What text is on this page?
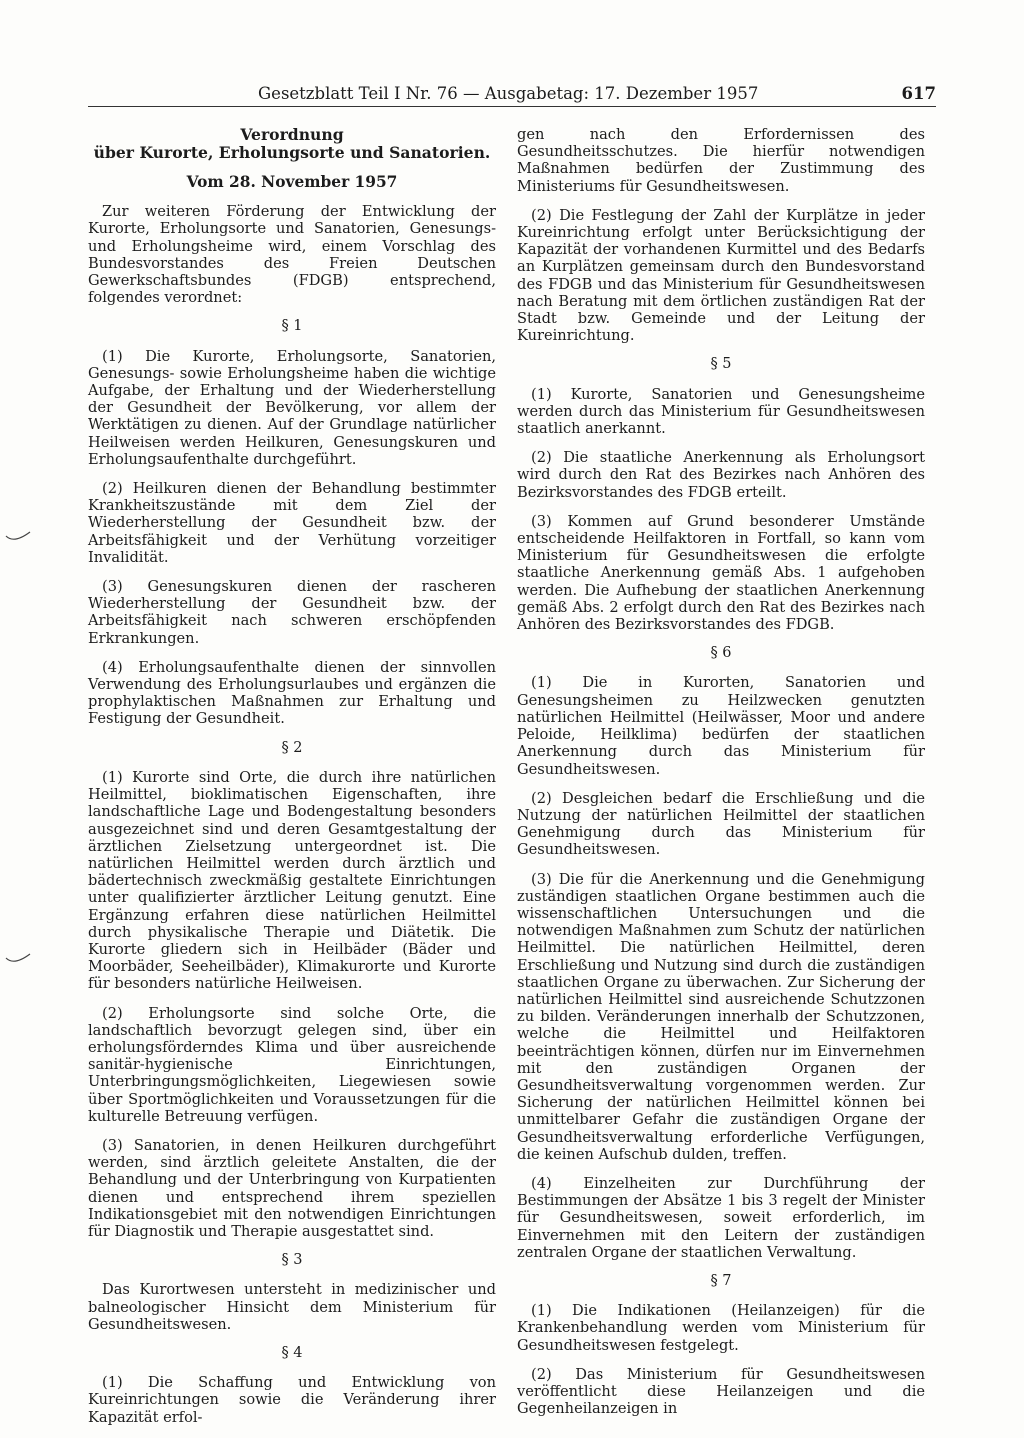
Gesetzblatt Teil I Nr. 76 — Ausgabetag: 17. Dezember 1957	617
Verordnung
über Kurorte, Erholungsorte und Sanatorien.
Vom 28. November 1957

Zur weiteren Förderung der Entwicklung der Kurorte, Erholungsorte und Sanatorien, Genesungs- und Erholungsheime wird, einem Vorschlag des Bundesvorstandes des Freien Deutschen Gewerkschaftsbundes (FDGB) entsprechend, folgendes verordnet:

§ 1

(1) Die Kurorte, Erholungsorte, Sanatorien, Genesungs- sowie Erholungsheime haben die wichtige Aufgabe, der Erhaltung und der Wiederherstellung der Gesundheit der Bevölkerung, vor allem der Werktätigen zu dienen. Auf der Grundlage natürlicher Heilweisen werden Heilkuren, Genesungskuren und Erholungsaufenthalte durchgeführt.

(2) Heilkuren dienen der Behandlung bestimmter Krankheitszustände mit dem Ziel der Wiederherstellung der Gesundheit bzw. der Arbeitsfähigkeit und der Verhütung vorzeitiger Invalidität.

(3) Genesungskuren dienen der rascheren Wiederherstellung der Gesundheit bzw. der Arbeitsfähigkeit nach schweren erschöpfenden Erkrankungen.

(4) Erholungsaufenthalte dienen der sinnvollen Verwendung des Erholungsurlaubes und ergänzen die prophylaktischen Maßnahmen zur Erhaltung und Festigung der Gesundheit.

§ 2

(1) Kurorte sind Orte, die durch ihre natürlichen Heilmittel, bioklimatischen Eigenschaften, ihre landschaftliche Lage und Bodengestaltung besonders ausgezeichnet sind und deren Gesamtgestaltung der ärztlichen Zielsetzung untergeordnet ist. Die natürlichen Heilmittel werden durch ärztlich und bädertechnisch zweckmäßig gestaltete Einrichtungen unter qualifizierter ärztlicher Leitung genutzt. Eine Ergänzung erfahren diese natürlichen Heilmittel durch physikalische Therapie und Diätetik. Die Kurorte gliedern sich in Heilbäder (Bäder und Moorbäder, Seeheilbäder), Klimakurorte und Kurorte für besonders natürliche Heilweisen.

(2) Erholungsorte sind solche Orte, die landschaftlich bevorzugt gelegen sind, über ein erholungsförderndes Klima und über ausreichende sanitär-hygienische Einrichtungen, Unterbringungsmöglichkeiten, Liegewiesen sowie über Sportmöglichkeiten und Voraussetzungen für die kulturelle Betreuung verfügen.

(3) Sanatorien, in denen Heilkuren durchgeführt werden, sind ärztlich geleitete Anstalten, die der Behandlung und der Unterbringung von Kurpatienten dienen und entsprechend ihrem speziellen Indikationsgebiet mit den notwendigen Einrichtungen für Diagnostik und Therapie ausgestattet sind.

§ 3

Das Kurortwesen untersteht in medizinischer und balneologischer Hinsicht dem Ministerium für Gesundheitswesen.

§ 4

(1) Die Schaffung und Entwicklung von Kureinrichtungen sowie die Veränderung ihrer Kapazität erfol-

gen nach den Erfordernissen des Gesundheitsschutzes. Die hierfür notwendigen Maßnahmen bedürfen der Zustimmung des Ministeriums für Gesundheitswesen.

(2) Die Festlegung der Zahl der Kurplätze in jeder Kureinrichtung erfolgt unter Berücksichtigung der Kapazität der vorhandenen Kurmittel und des Bedarfs an Kurplätzen gemeinsam durch den Bundesvorstand des FDGB und das Ministerium für Gesundheitswesen nach Beratung mit dem örtlichen zuständigen Rat der Stadt bzw. Gemeinde und der Leitung der Kureinrichtung.

§ 5

(1) Kurorte, Sanatorien und Genesungsheime werden durch das Ministerium für Gesundheitswesen staatlich anerkannt.

(2) Die staatliche Anerkennung als Erholungsort wird durch den Rat des Bezirkes nach Anhören des Bezirksvorstandes des FDGB erteilt.

(3) Kommen auf Grund besonderer Umstände entscheidende Heilfaktoren in Fortfall, so kann vom Ministerium für Gesundheitswesen die erfolgte staatliche Anerkennung gemäß Abs. 1 aufgehoben werden. Die Aufhebung der staatlichen Anerkennung gemäß Abs. 2 erfolgt durch den Rat des Bezirkes nach Anhören des Bezirksvorstandes des FDGB.

§ 6

(1) Die in Kurorten, Sanatorien und Genesungsheimen zu Heilzwecken genutzten natürlichen Heilmittel (Heilwässer, Moor und andere Peloide, Heilklima) bedürfen der staatlichen Anerkennung durch das Ministerium für Gesundheitswesen.

(2) Desgleichen bedarf die Erschließung und die Nutzung der natürlichen Heilmittel der staatlichen Genehmigung durch das Ministerium für Gesundheitswesen.

(3) Die für die Anerkennung und die Genehmigung zuständigen staatlichen Organe bestimmen auch die wissenschaftlichen Untersuchungen und die notwendigen Maßnahmen zum Schutz der natürlichen Heilmittel. Die natürlichen Heilmittel, deren Erschließung und Nutzung sind durch die zuständigen staatlichen Organe zu überwachen. Zur Sicherung der natürlichen Heilmittel sind ausreichende Schutzzonen zu bilden. Veränderungen innerhalb der Schutzzonen, welche die Heilmittel und Heilfaktoren beeinträchtigen können, dürfen nur im Einvernehmen mit den zuständigen Organen der Gesundheitsverwaltung vorgenommen werden. Zur Sicherung der natürlichen Heilmittel können bei unmittelbarer Gefahr die zuständigen Organe der Gesundheitsverwaltung erforderliche Verfügungen, die keinen Aufschub dulden, treffen.

(4) Einzelheiten zur Durchführung der Bestimmungen der Absätze 1 bis 3 regelt der Minister für Gesundheitswesen, soweit erforderlich, im Einvernehmen mit den Leitern der zuständigen zentralen Organe der staatlichen Verwaltung.

§ 7

(1) Die Indikationen (Heilanzeigen) für die Krankenbehandlung werden vom Ministerium für Gesundheitswesen festgelegt.

(2) Das Ministerium für Gesundheitswesen veröffentlicht diese Heilanzeigen und die Gegenheilanzeigen in
